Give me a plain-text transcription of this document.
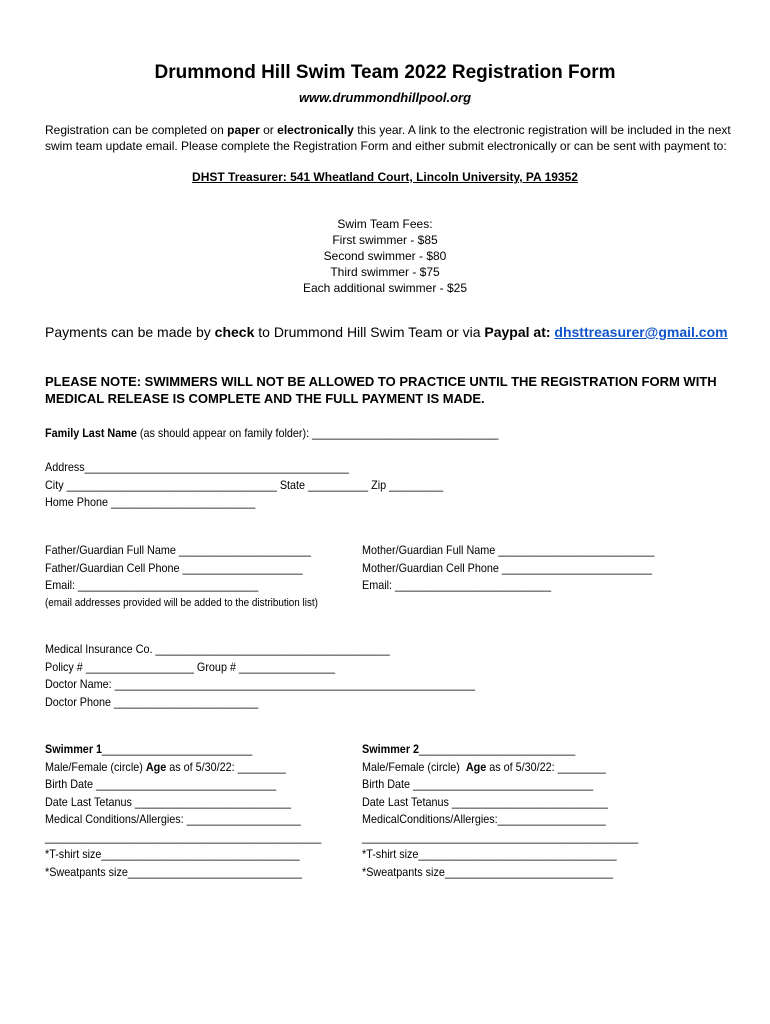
Drummond Hill Swim Team 2022 Registration Form
www.drummondhillpool.org
Registration can be completed on paper or electronically this year. A link to the electronic registration will be included in the next swim team update email. Please complete the Registration Form and either submit electronically or can be sent with payment to:
DHST Treasurer: 541 Wheatland Court, Lincoln University, PA 19352
Swim Team Fees:
First swimmer - $85
Second swimmer - $80
Third swimmer - $75
Each additional swimmer - $25
Payments can be made by check to Drummond Hill Swim Team or via Paypal at: dhsttreasurer@gmail.com
PLEASE NOTE: SWIMMERS WILL NOT BE ALLOWED TO PRACTICE UNTIL THE REGISTRATION FORM WITH MEDICAL RELEASE IS COMPLETE AND THE FULL PAYMENT IS MADE.
Family Last Name (as should appear on family folder): _______________________________
Address____________________________________________
City ___________________________________ State __________ Zip _________
Home Phone ________________________
Father/Guardian Full Name ______________________
Father/Guardian Cell Phone ____________________
Email: ______________________________
(email addresses provided will be added to the distribution list)
Mother/Guardian Full Name __________________________
Mother/Guardian Cell Phone _________________________
Email: __________________________
Medical Insurance Co. _______________________________________
Policy # __________________ Group # ________________
Doctor Name: ____________________________________________________________
Doctor Phone ________________________
Swimmer 1_________________________
Male/Female (circle) Age as of 5/30/22: ________
Birth Date ______________________________
Date Last Tetanus __________________________
Medical Conditions/Allergies: ___________________
______________________________________________
*T-shirt size_________________________________
*Sweatpants size_____________________________
Swimmer 2__________________________
Male/Female (circle)  Age as of 5/30/22: ________
Birth Date ______________________________
Date Last Tetanus __________________________
MedicalConditions/Allergies:__________________
______________________________________________
*T-shirt size_________________________________
*Sweatpants size____________________________
